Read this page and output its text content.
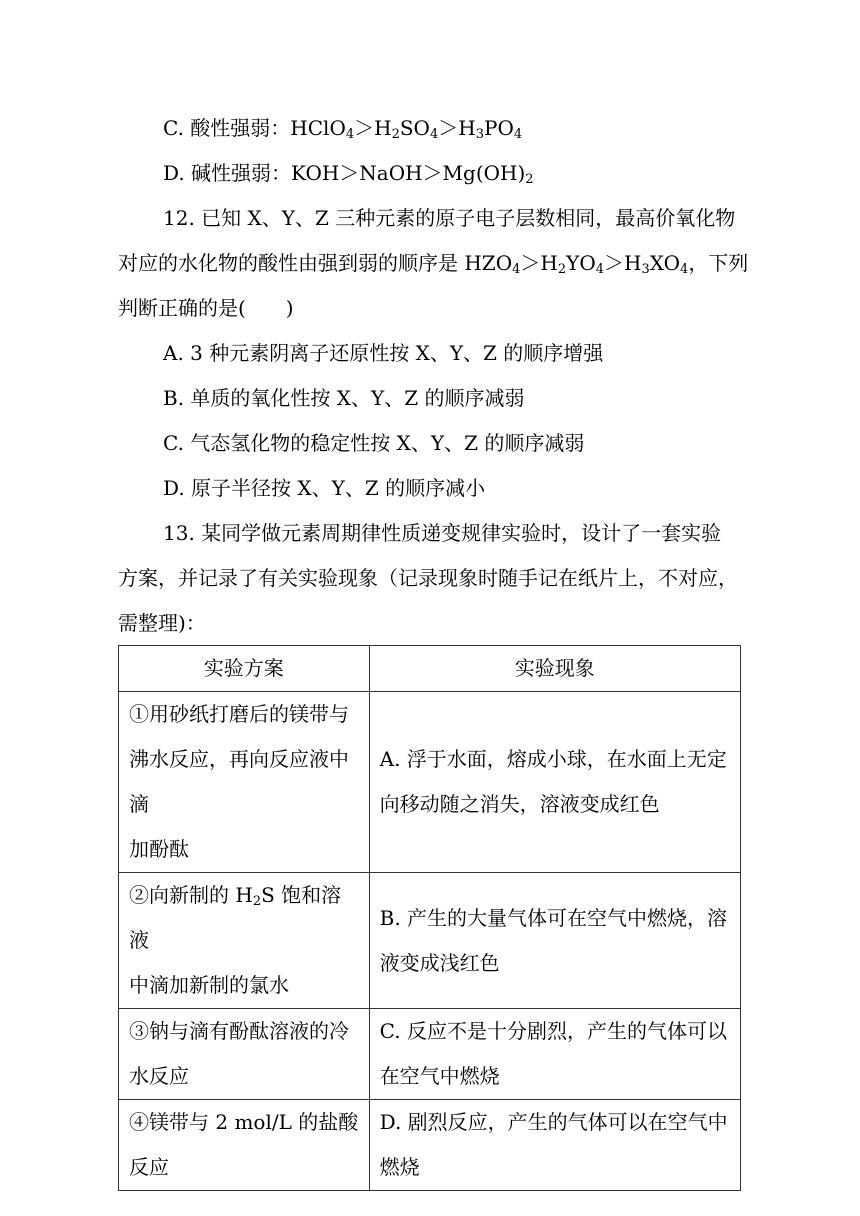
C. 酸性强弱：$HClO_4>H_2SO_4>H_3PO_4$
D. 碱性强弱：$KOH>NaOH>Mg(OH)_2$
12. 已知 X、Y、Z 三种元素的原子电子层数相同，最高价氧化物
对应的水化物的酸性由强到弱的顺序是 $HZO_4>H_2YO_4>H_3XO_4$，下列
判断正确的是(　　)
A. 3 种元素阴离子还原性按 X、Y、Z 的顺序增强
B. 单质的氧化性按 X、Y、Z 的顺序减弱
C. 气态氢化物的稳定性按 X、Y、Z 的顺序减弱
D. 原子半径按 X、Y、Z 的顺序减小
13. 某同学做元素周期律性质递变规律实验时，设计了一套实验
方案，并记录了有关实验现象（记录现象时随手记在纸片上，不对应，
需整理)：
实验方案	实验现象

①用砂纸打磨后的镁带与
沸水反应，再向反应液中滴
加酚酞	A. 浮于水面，熔成小球，在水面上无定
向移动随之消失，溶液变成红色

②向新制的 $H_2S$ 饱和溶液
中滴加新制的氯水	B. 产生的大量气体可在空气中燃烧，溶
液变成浅红色

③钠与滴有酚酞溶液的冷
水反应	C. 反应不是十分剧烈，产生的气体可以
在空气中燃烧

④镁带与 2 mol/L 的盐酸
反应	D. 剧烈反应，产生的气体可以在空气中
燃烧
